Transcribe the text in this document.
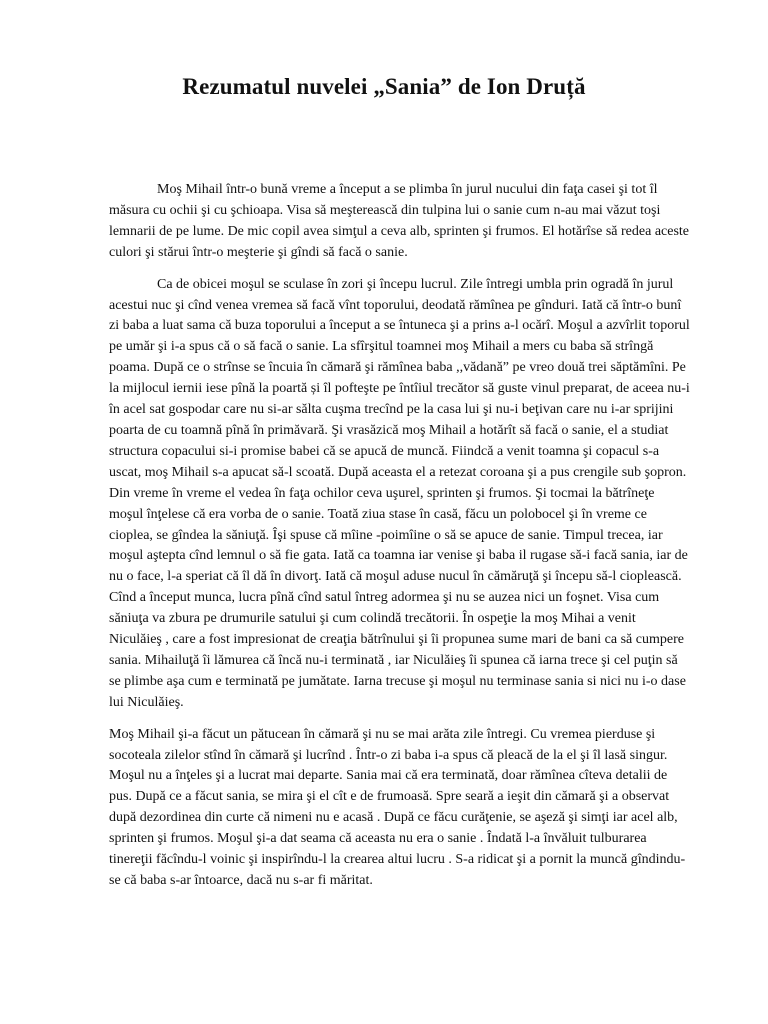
Rezumatul nuvelei „Sania” de Ion Druță

Moş Mihail într-o bună vreme a început a se plimba în jurul nucului din faţa casei şi tot îl măsura cu ochii şi cu şchioapa. Visa să meşterească din tulpina lui o sanie cum n-au mai văzut toşi lemnarii de pe lume. De mic copil avea simţul a ceva alb, sprinten şi frumos. El hotărîse să redea aceste culori şi stărui într-o meşterie şi gîndi să facă o sanie.

Ca de obicei moşul se sculase în zori şi începu lucrul. Zile întregi umbla prin ogradă în jurul acestui nuc şi cînd venea vremea să facă vînt toporului, deodată rămînea pe gînduri. Iată că într-o bunî zi baba a luat sama că buza toporului a început a se întuneca şi a prins a-l ocărî. Moşul a azvîrlit toporul pe umăr şi i-a spus că o să facă o sanie. La sfîrşitul toamnei moş Mihail a mers cu baba să strîngă poama. După ce o strînse se încuia în cămară şi rămînea baba ,,vădană” pe vreo două trei săptămîni. Pe la mijlocul iernii iese pînă la poartă și îl pofteşte pe întîiul trecător să guste vinul preparat, de aceea nu-i în acel sat gospodar care nu si-ar sălta cuşma trecînd pe la casa lui şi nu-i beţivan care nu i-ar sprijini poarta de cu toamnă pînă în primăvară. Şi vrasăzică moş Mihail a hotărît să facă o sanie, el a studiat structura copacului si-i promise babei că se apucă de muncă. Fiindcă a venit toamna şi copacul s-a uscat, moş Mihail s-a apucat să-l scoată. După aceasta el a retezat coroana şi a pus crengile sub şopron. Din vreme în vreme el vedea în faţa ochilor ceva uşurel, sprinten şi frumos. Şi tocmai la bătrîneţe moşul înţelese că era vorba de o sanie. Toată ziua stase în casă, făcu un polobocel şi în vreme ce cioplea, se gîndea la săniuţă. Îşi spuse că mîine -poimîine o să se apuce de sanie. Timpul trecea, iar moşul aştepta cînd lemnul o să fie gata. Iată ca toamna iar venise şi baba il rugase să-i facă sania, iar de nu o face, l-a speriat că îl dă în divorţ. Iată că moşul aduse nucul în cămăruţă şi începu să-l cioplească. Cînd a început munca, lucra pînă cînd satul întreg adormea şi nu se auzea nici un foşnet. Visa cum săniuţa va zbura pe drumurile satului şi cum colindă trecătorii. În ospeţie la moş Mihai a venit Niculăieş , care a fost impresionat de creaţia bătrînului şi îi propunea sume mari de bani ca să cumpere sania. Mihailuţă îi lămurea că încă nu-i terminată , iar Niculăieş îi spunea că iarna trece şi cel puţin să se plimbe aşa cum e terminată pe jumătate. Iarna trecuse şi moşul nu terminase sania si nici nu i-o dase lui Niculăieş.

Moş Mihail şi-a făcut un pătucean în cămară şi nu se mai arăta zile întregi. Cu vremea pierduse şi socoteala zilelor stînd în cămară şi lucrînd . Într-o zi baba i-a spus că pleacă de la el şi îl lasă singur. Moşul nu a înţeles şi a lucrat mai departe. Sania mai că era terminată, doar rămînea cîteva detalii de pus. După ce a făcut sania, se mira şi el cît e de frumoasă. Spre seară a ieşit din cămară şi a observat după dezordinea din curte că nimeni nu e acasă . După ce făcu curăţenie, se aşeză şi simţi iar acel alb, sprinten şi frumos. Moşul şi-a dat seama că aceasta nu era o sanie . Îndată l-a învăluit tulburarea tinereţii făcîndu-l voinic şi inspirîndu-l la crearea altui lucru . S-a ridicat şi a pornit la muncă gîndindu-se că baba s-ar întoarce, dacă nu s-ar fi măritat.
